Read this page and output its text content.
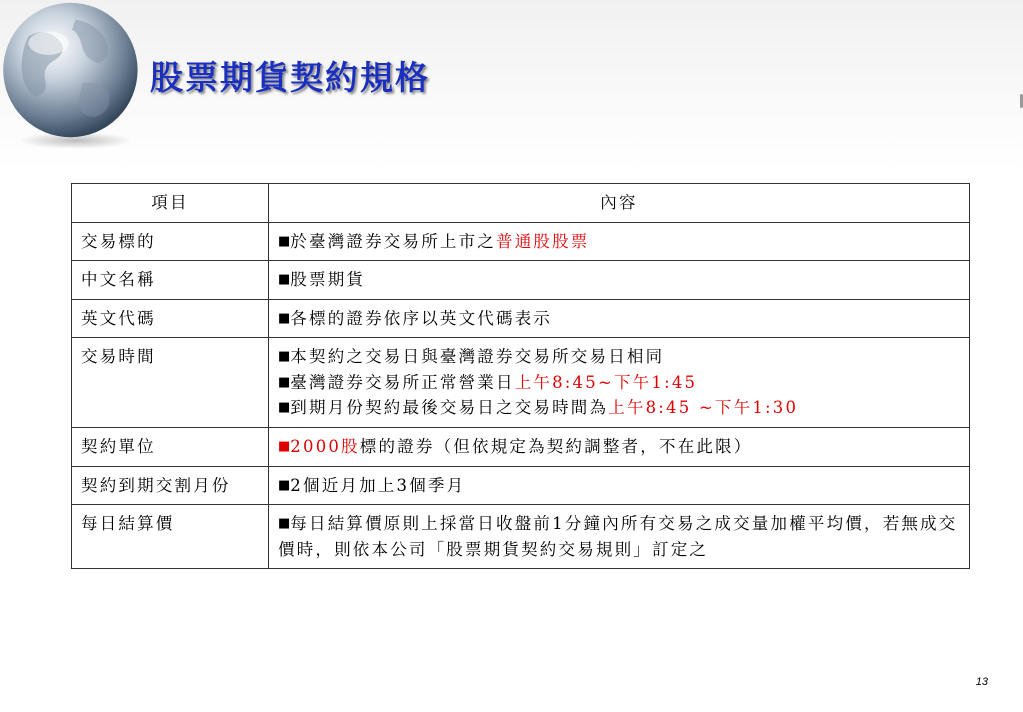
股票期貨契約規格
項目	內容
交易標的	■於臺灣證券交易所上市之普通股股票
中文名稱	■股票期貨
英文代碼	■各標的證券依序以英文代碼表示
交易時間	■本契約之交易日與臺灣證券交易所交易日相同
■臺灣證券交易所正常營業日上午8:45~下午1:45
■到期月份契約最後交易日之交易時間為上午8:45 ~下午1:30

契約單位	■2000股標的證券（但依規定為契約調整者，不在此限）
契約到期交割月份	■2個近月加上3個季月
每日結算價	■每日結算價原則上採當日收盤前1分鐘內所有交易之成交量加權平均價，若無成交價時，則依本公司「股票期貨契約交易規則」訂定之
13
